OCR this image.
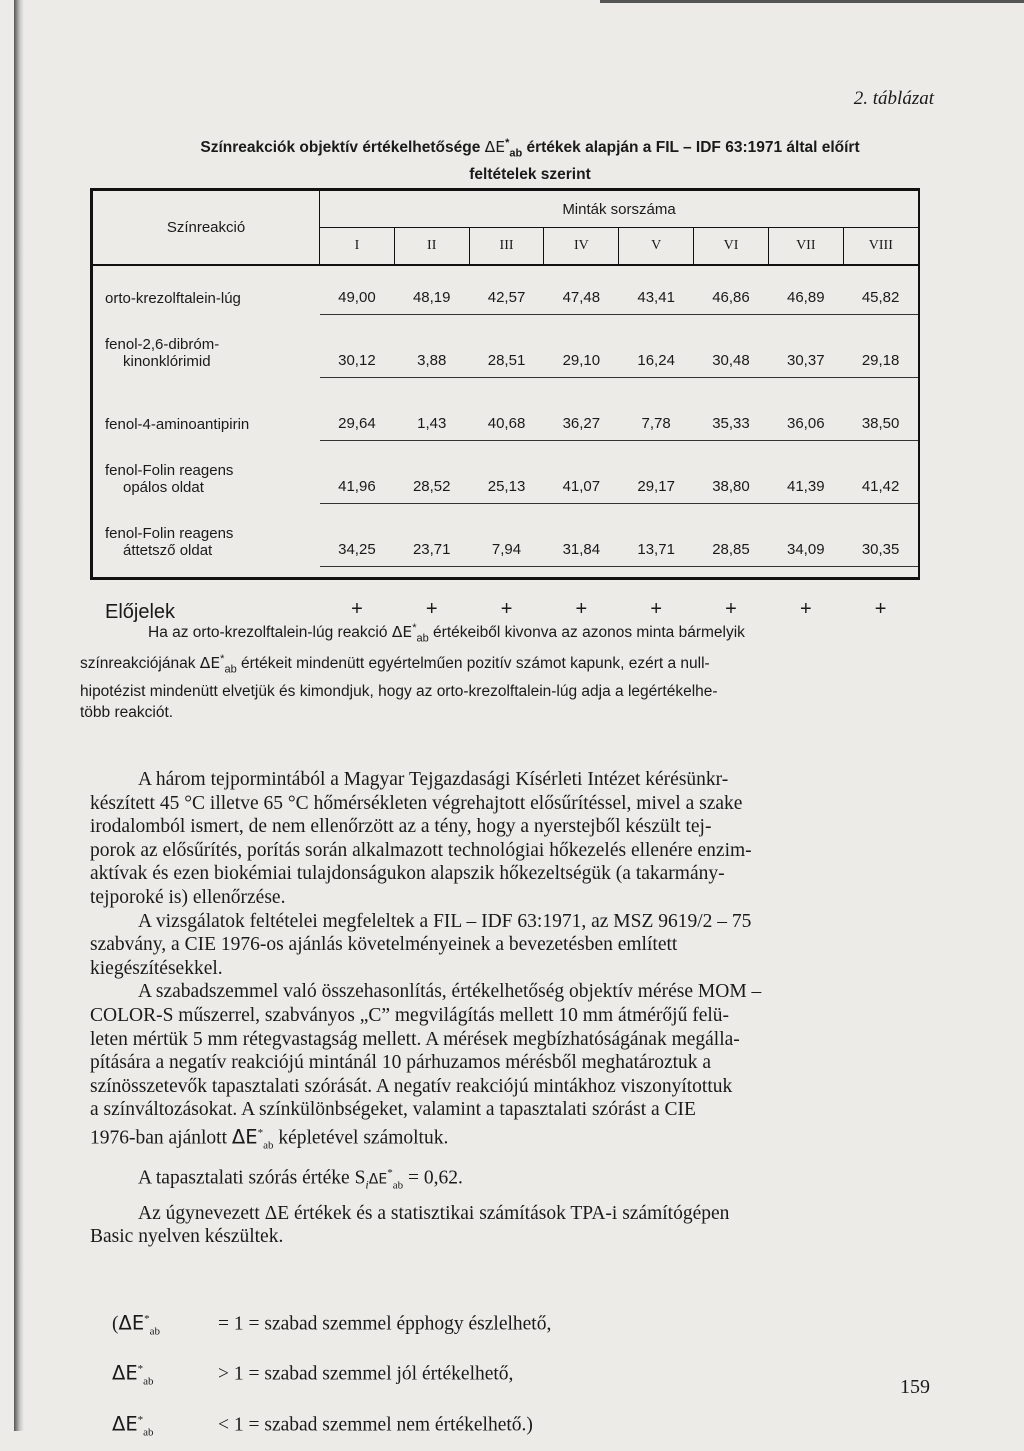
2. táblázat
Színreakciók objektív értékelhetősége $\Delta E^*_{ab}$ értékek alapján a FIL – IDF 63:1971 által előírt
feltételek szerint
Színreakció	Minták sorszáma							
	I	II	III	IV	V	VI	VII	VIII

orto-krezolftalein-lúg	49,00	48,19	42,57	47,48	43,41	46,86	46,89	45,82

fenol-2,6-dibróm-
kinonklórimid	30,12	3,88	28,51	29,10	16,24	30,48	30,37	29,18

fenol-4-aminoantipirin	29,64	1,43	40,68	36,27	7,78	35,33	36,06	38,50

fenol-Folin reagens
opálos oldat	41,96	28,52	25,13	41,07	29,17	38,80	41,39	41,42

fenol-Folin reagens
áttetsző oldat	34,25	23,71	7,94	31,84	13,71	28,85	34,09	30,35

Előjelek	+	+	+	+	+	+	+	+

Ha az orto-krezolftalein-lúg reakció $\Delta E^*_{ab}$ értékeiből kivonva az azonos minta bármelyik

színreakciójának $\Delta E^*_{ab}$ értékeit mindenütt egyértelműen pozitív számot kapunk, ezért a null-

hipotézist mindenütt elvetjük és kimondjuk, hogy az orto-krezolftalein-lúg adja a legértékelhe-

több reakciót.

A három tejpormintából a Magyar Tejgazdasági Kísérleti Intézet kérésünkr-

készített 45 °C illetve 65 °C hőmérsékleten végrehajtott elősűrítéssel, mivel a szake

irodalomból ismert, de nem ellenőrzött az a tény, hogy a nyerstejből készült tej-

porok az elősűrítés, porítás során alkalmazott technológiai hőkezelés ellenére enzim-

aktívak és ezen biokémiai tulajdonságukon alapszik hőkezeltségük (a takarmány-

tejporoké is) ellenőrzése.

A vizsgálatok feltételei megfeleltek a FIL – IDF 63:1971, az MSZ 9619/2 – 75

szabvány, a CIE 1976-os ajánlás követelményeinek a bevezetésben említett

kiegészítésekkel.

A szabadszemmel való összehasonlítás, értékelhetőség objektív mérése MOM –

COLOR-S műszerrel, szabványos „C” megvilágítás mellett 10 mm átmérőjű felü-

leten mértük 5 mm rétegvastagság mellett. A mérések megbízhatóságának megálla-

pítására a negatív reakciójú mintánál 10 párhuzamos mérésből meghatároztuk a

színösszetevők tapasztalati szórását. A negatív reakciójú mintákhoz viszonyítottuk

a színváltozásokat. A színkülönbségeket, valamint a tapasztalati szórást a CIE

1976-ban ajánlott $\Delta E^*_{ab}$ képletével számoltuk.

A tapasztalati szórás értéke $S_i\Delta E^*_{ab} = 0,62$.

Az úgynevezett ΔE értékek és a statisztikai számítások TPA-i számítógépen

Basic nyelven készültek.

($\Delta E^*_{ab}$	= 1 = szabad szemmel épphogy észlelhető,
$\Delta E^*_{ab}$	> 1 = szabad szemmel jól értékelhető,
$\Delta E^*_{ab}$	< 1 = szabad szemmel nem értékelhető.)
159
